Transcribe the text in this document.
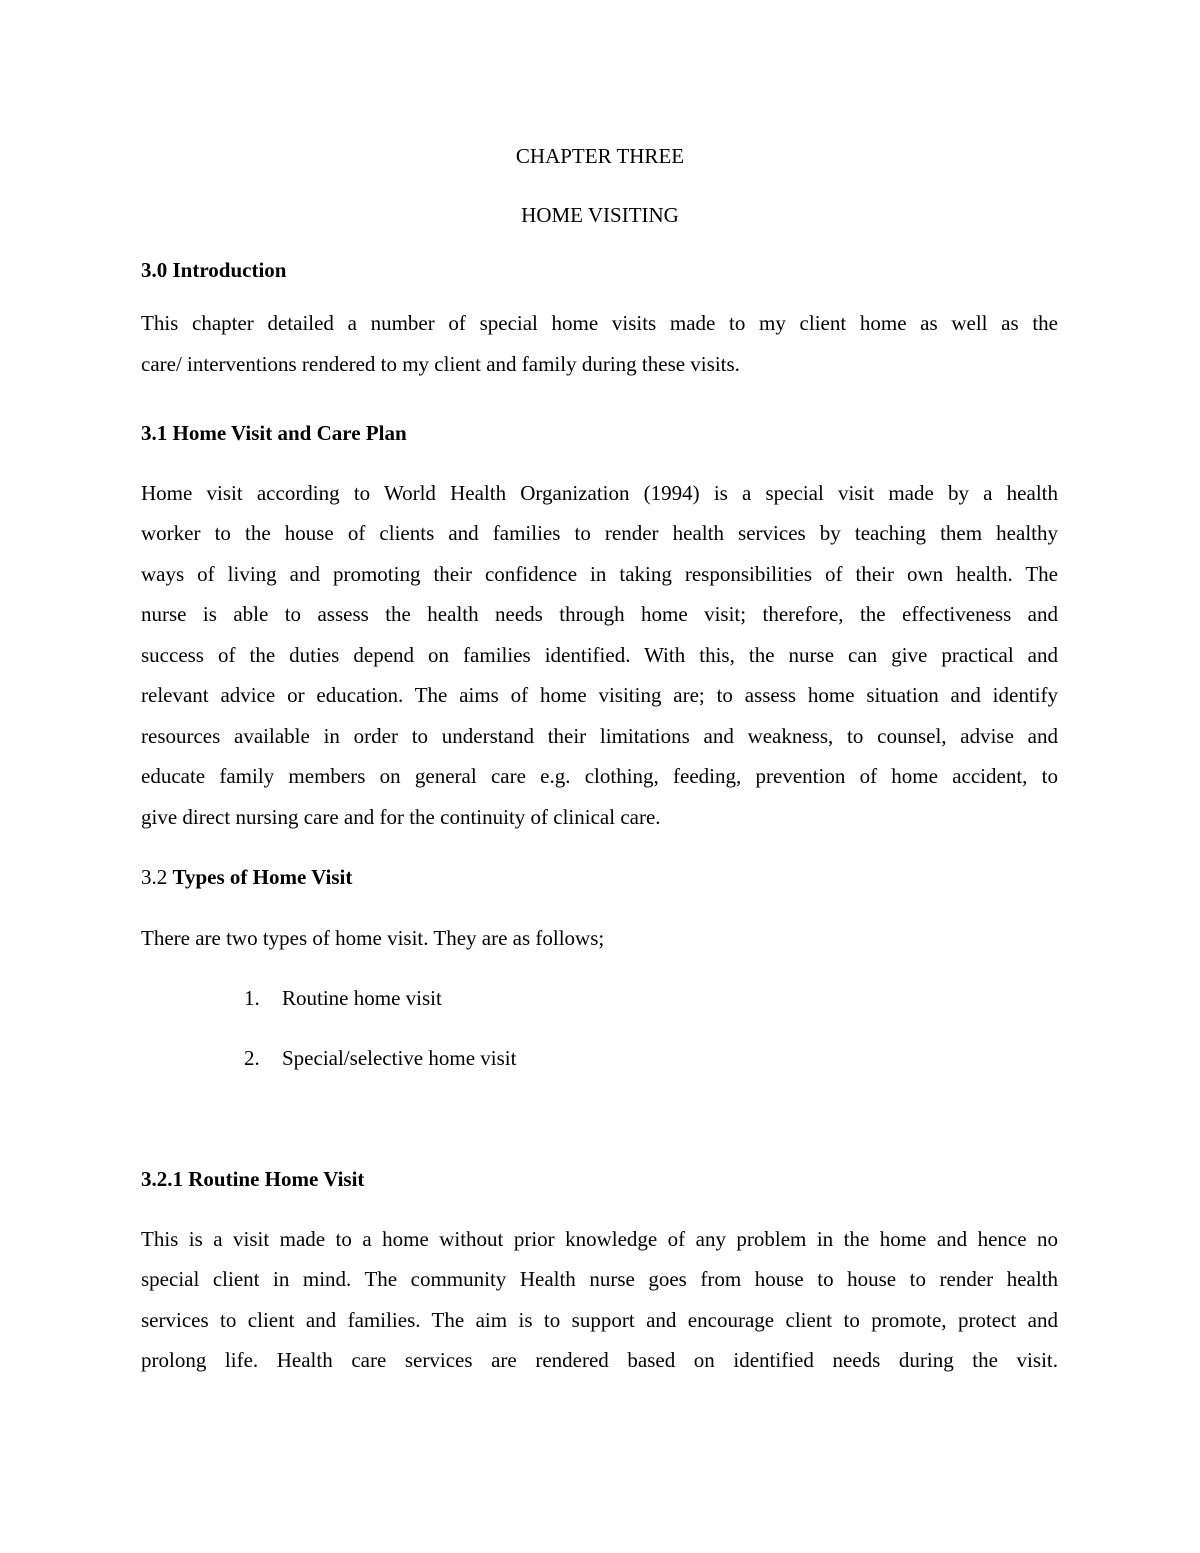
CHAPTER THREE

HOME VISITING

3.0 Introduction

This chapter detailed a number of special home visits made to my client home as well as the

care/ interventions rendered to my client and family during these visits.

3.1 Home Visit and Care Plan

Home visit according to World Health Organization (1994) is a special visit made by a health

worker to the house of clients and families to render health services by teaching them healthy

ways of living and promoting their confidence in taking responsibilities of their own health. The

nurse is able to assess the health needs through home visit; therefore, the effectiveness and

success of the duties depend on families identified. With this, the nurse can give practical and

relevant advice or education. The aims of home visiting are; to assess home situation and identify

resources available in order to understand their limitations and weakness, to counsel, advise and

educate family members on general care e.g. clothing, feeding, prevention of home accident, to

give direct nursing care and for the continuity of clinical care.

3.2 Types of Home Visit

There are two types of home visit. They are as follows;

1. Routine home visit
2. Special/selective home visit

3.2.1 Routine Home Visit

This is a visit made to a home without prior knowledge of any problem in the home and hence no

special client in mind. The community Health nurse goes from house to house to render health

services to client and families. The aim is to support and encourage client to promote, protect and

prolong life. Health care services are rendered based on identified needs during the visit.
